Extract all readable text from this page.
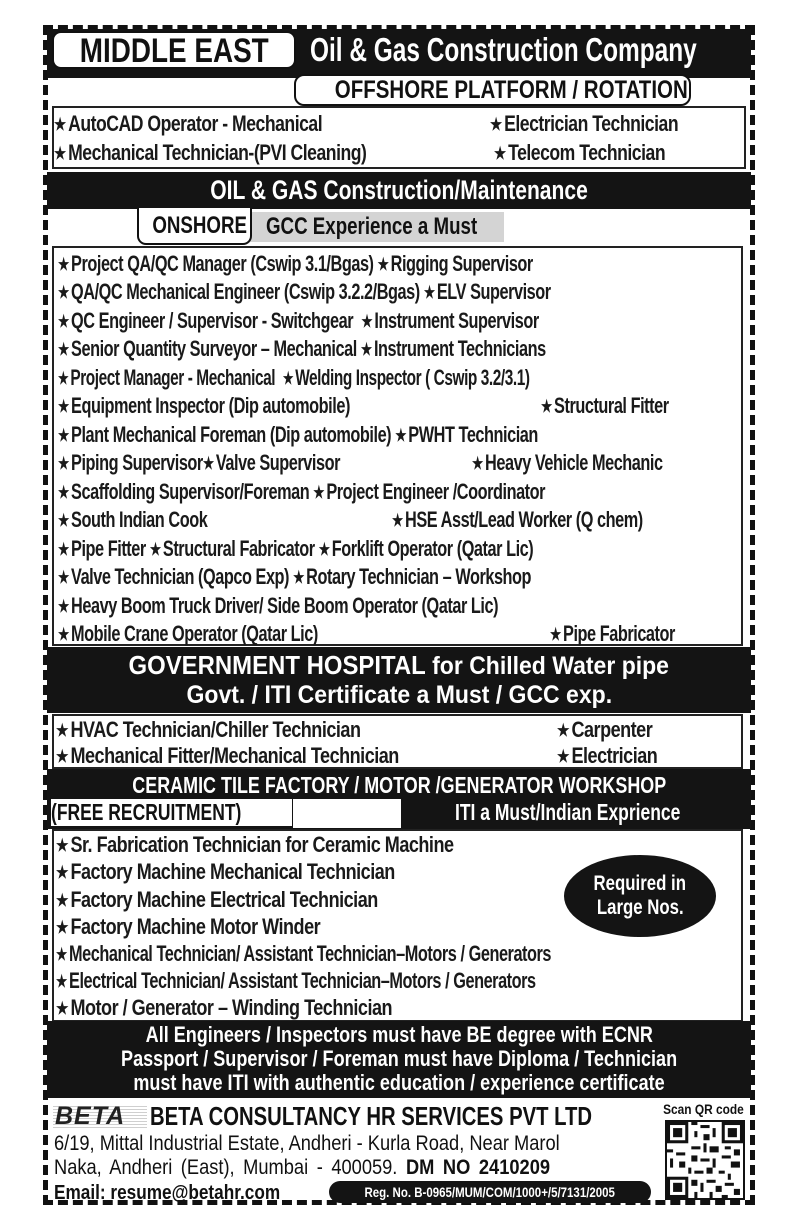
MIDDLE EAST	Oil & Gas Construction Company
OFFSHORE PLATFORM / ROTATION
★ AutoCAD Operator - Mechanical	★ Electrician Technician
★ Mechanical Technician-(PVI Cleaning)	★ Telecom Technician
OIL & GAS Construction/Maintenance
ONSHORE GCC Experience a Must
★ Project QA/QC Manager (Cswip 3.1/Bgas) ★ Rigging Supervisor
★ QA/QC Mechanical Engineer (Cswip 3.2.2/Bgas) ★ ELV Supervisor
★ QC Engineer / Supervisor - Switchgear ★ Instrument Supervisor
★ Senior Quantity Surveyor – Mechanical ★ Instrument Technicians
★Project Manager - Mechanical ★Welding Inspector ( Cswip 3.2/3.1)
★ Equipment Inspector (Dip automobile)	★ Structural Fitter
★ Plant Mechanical Foreman (Dip automobile) ★ PWHT Technician
★ Piping Supervisor★ Valve Supervisor	★ Heavy Vehicle Mechanic
★ Scaffolding Supervisor/Foreman ★ Project Engineer /Coordinator
★ South Indian Cook	★ HSE Asst/Lead Worker (Q chem)
★ Pipe Fitter ★ Structural Fabricator ★ Forklift Operator (Qatar Lic)
★ Valve Technician (Qapco Exp) ★ Rotary Technician – Workshop
★ Heavy Boom Truck Driver/ Side Boom Operator (Qatar Lic)
★ Mobile Crane Operator (Qatar Lic)	★ Pipe Fabricator
GOVERNMENT HOSPITAL for Chilled Water pipe
Govt. / ITI Certificate a Must / GCC exp.
★ HVAC Technician/Chiller Technician	★ Carpenter
★ Mechanical Fitter/Mechanical Technician	★ Electrician
CERAMIC TILE FACTORY / MOTOR /GENERATOR WORKSHOP
(FREE RECRUITMENT)	ITI a Must/Indian Exprience
★ Sr. Fabrication Technician for Ceramic Machine
★ Factory Machine Mechanical Technician
★ Factory Machine Electrical Technician
★ Factory Machine Motor Winder
★ Mechanical Technician/ Assistant Technician–Motors / Generators
★ Electrical Technician/ Assistant Technician–Motors / Generators
★ Motor / Generator – Winding Technician
Required in
Large Nos.
All Engineers / Inspectors must have BE degree with ECNR
Passport / Supervisor / Foreman must have Diploma / Technician
must have ITI with authentic education / experience certificate
BETA BETA CONSULTANCY HR SERVICES PVT LTD
6/19, Mittal Industrial Estate, Andheri - Kurla Road, Near Marol
Naka, Andheri (East), Mumbai - 400059. DM NO 2410209
Email: resume@betahr.com	Reg. No. B-0965/MUM/COM/1000+/5/7131/2005
Scan QR code
